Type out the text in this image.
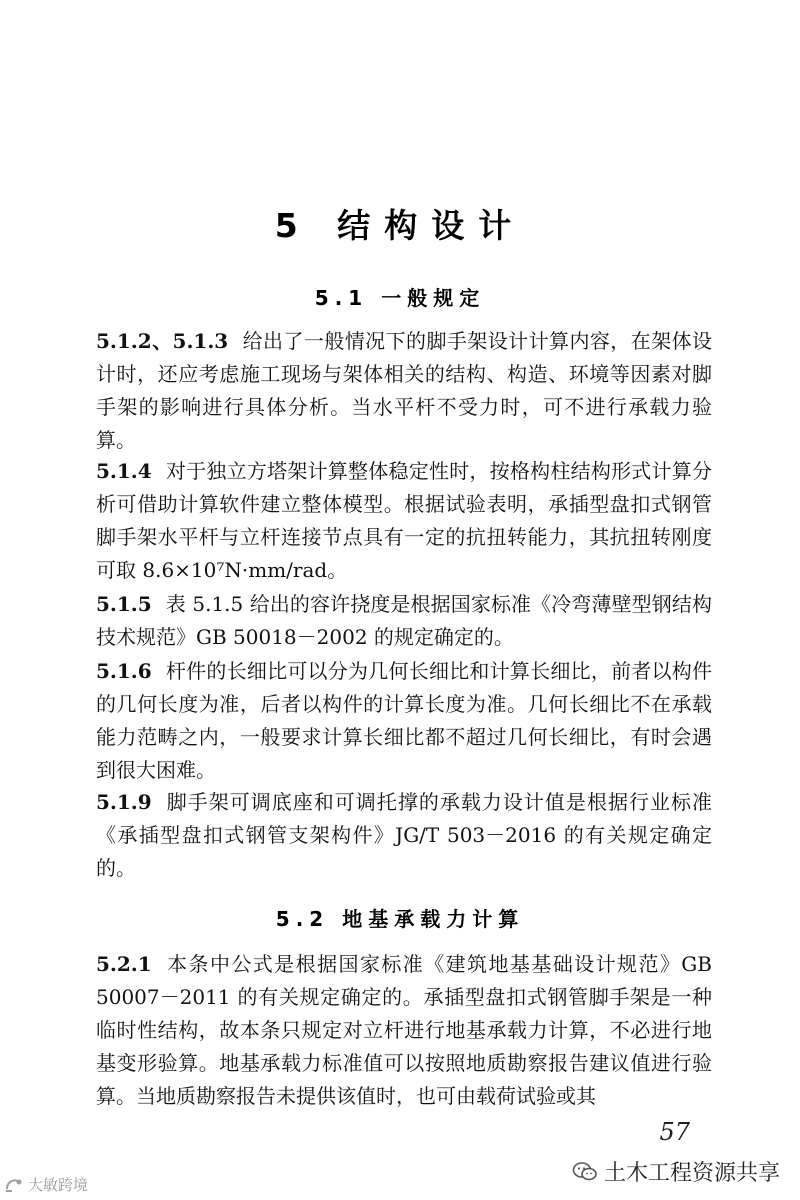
5 结构设计
5.1 一般规定
5.1.2、5.1.3 给出了一般情况下的脚手架设计计算内容，在架体设计时，还应考虑施工现场与架体相关的结构、构造、环境等因素对脚手架的影响进行具体分析。当水平杆不受力时，可不进行承载力验算。
5.1.4 对于独立方塔架计算整体稳定性时，按格构柱结构形式计算分析可借助计算软件建立整体模型。根据试验表明，承插型盘扣式钢管脚手架水平杆与立杆连接节点具有一定的抗扭转能力，其抗扭转刚度可取 8.6×10⁷N·mm/rad。
5.1.5 表 5.1.5 给出的容许挠度是根据国家标准《冷弯薄壁型钢结构技术规范》GB 50018－2002 的规定确定的。
5.1.6 杆件的长细比可以分为几何长细比和计算长细比，前者以构件的几何长度为准，后者以构件的计算长度为准。几何长细比不在承载能力范畴之内，一般要求计算长细比都不超过几何长细比，有时会遇到很大困难。
5.1.9 脚手架可调底座和可调托撑的承载力设计值是根据行业标准《承插型盘扣式钢管支架构件》JG/T 503－2016 的有关规定确定的。
5.2 地基承载力计算
5.2.1 本条中公式是根据国家标准《建筑地基基础设计规范》GB 50007－2011 的有关规定确定的。承插型盘扣式钢管脚手架是一种临时性结构，故本条只规定对立杆进行地基承载力计算，不必进行地基变形验算。地基承载力标准值可以按照地质勘察报告建议值进行验算。当地质勘察报告未提供该值时，也可由载荷试验或其
57
大敏跨境	土木工程资源共享
